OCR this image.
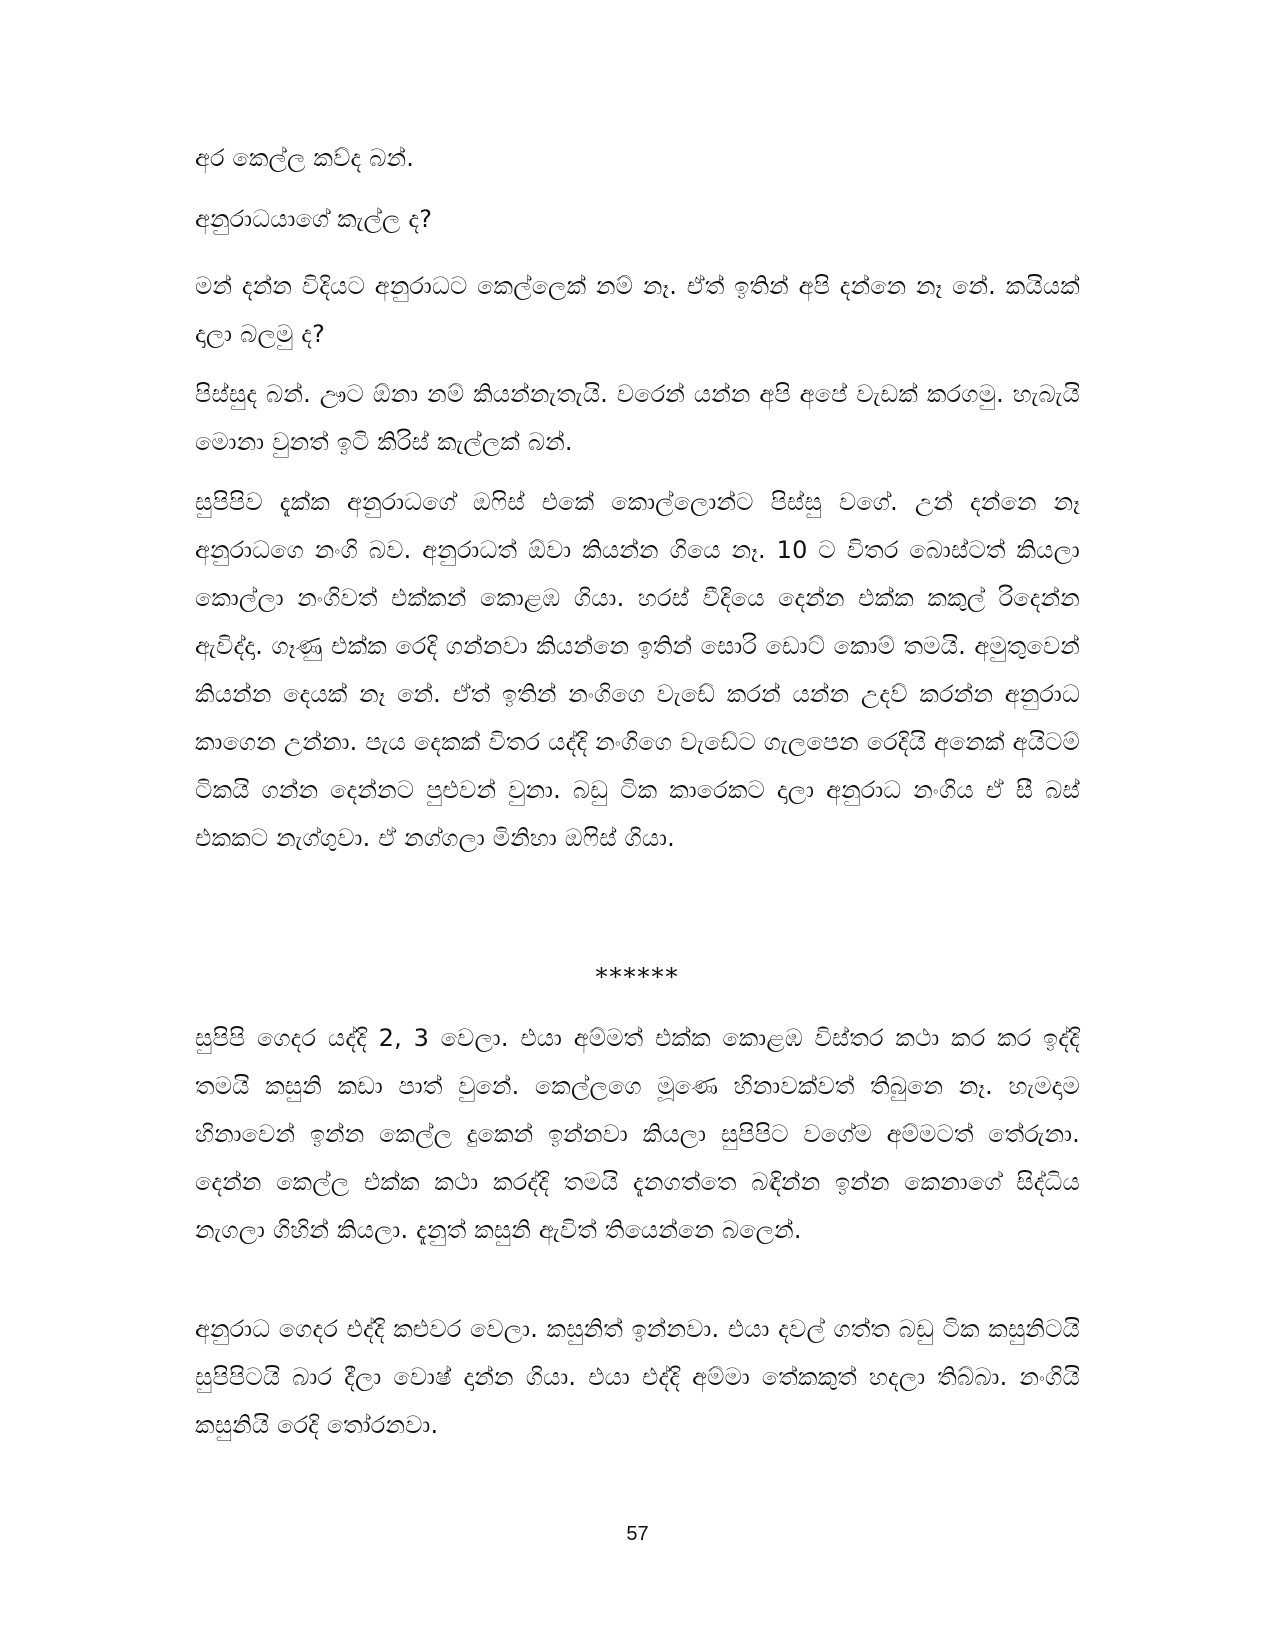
අර කෙල්ල කව්ද බන්.

අනුරාධයාගේ කැල්ල ද?

මන් දන්න විදියට අනුරාධට කෙල්ලෙක් නම් නෑ. ඒත් ඉතින් අපි දන්නෙ නෑ නේ. කයියක් දාලා බලමු ද?

පිස්සුද බන්. ඌට ඕනා නම් කියන්නැතැයි. වරෙන් යන්න අපි අපේ වැඩක් කරගමු. හැබැයි මොනා වුනත් ඉටි කිරිස් කැල්ලක් බන්.

සුපිපිව දැක්ක අනුරාධගේ ඔෆිස් එකේ කොල්ලොන්ට පිස්සු වගේ. උන් දන්නෙ නෑ අනුරාධගෙ නංගි බව. අනුරාධත් ඕවා කියන්න ගියෙ නෑ. 10 ට විතර බොස්ටත් කියලා කොල්ලා නංගිවත් එක්කන් කොළඹ ගියා. හරස් වීදියෙ දෙන්න එක්ක කකුල් රිදෙන්න ඇවිද්දා. ගෑණු එක්ක රෙදි ගන්නවා කියන්නෙ ඉතින් සොරි ඩොට් කොම් තමයි. අමුතුවෙන් කියන්න දෙයක් නෑ නේ. ඒත් ඉතින් නංගිගෙ වැඩේ කරන් යන්න උදව් කරන්න අනුරාධ කාගෙන උන්නා. පැය දෙකක් විතර යද්දි නංගිගෙ වැඩේට ගැලපෙන රෙදියි අනෙක් අයිටම් ටිකයි ගන්න දෙන්නට පුළුවන් වුනා. බඩු ටික කාරෙකට දාලා අනුරාධ නංගිය ඒ සී බස් එකකට නැග්ගුවා. ඒ නග්ගලා මිනිහා ඔෆිස් ගියා.

******

සුපිපි ගෙදර යද්දි 2, 3 වෙලා. එයා අම්මත් එක්ක කොළඹ විස්තර කථා කර කර ඉද්දි තමයි කසුනි කඩා පාත් වුනේ. කෙල්ලගෙ මූණෙ හිනාවක්වත් තිබුනෙ නෑ. හැමදාම හිනාවෙන් ඉන්න කෙල්ල දුකෙන් ඉන්නවා කියලා සුපිපිට වගේම අම්මටත් තේරුනා. දෙන්න කෙල්ල එක්ක කථා කරද්දි තමයි දැනගත්තෙ බඳින්න ඉන්න කෙනාගේ සිද්ධිය නැගලා ගිහින් කියලා. දැනුත් කසුනි ඇවිත් තියෙන්නෙ බලෙන්.

අනුරාධ ගෙදර එද්දි කළුවර වෙලා. කසුනිත් ඉන්නවා. එයා දවල් ගත්ත බඩු ටික කසුනිටයි සුපිපිටයි බාර දීලා වොෂ් දාන්න ගියා. එයා එද්දි අම්මා තේකකුත් හදලා තිබ්බා. නංගියි කසුනියි රෙදි තෝරනවා.

57
